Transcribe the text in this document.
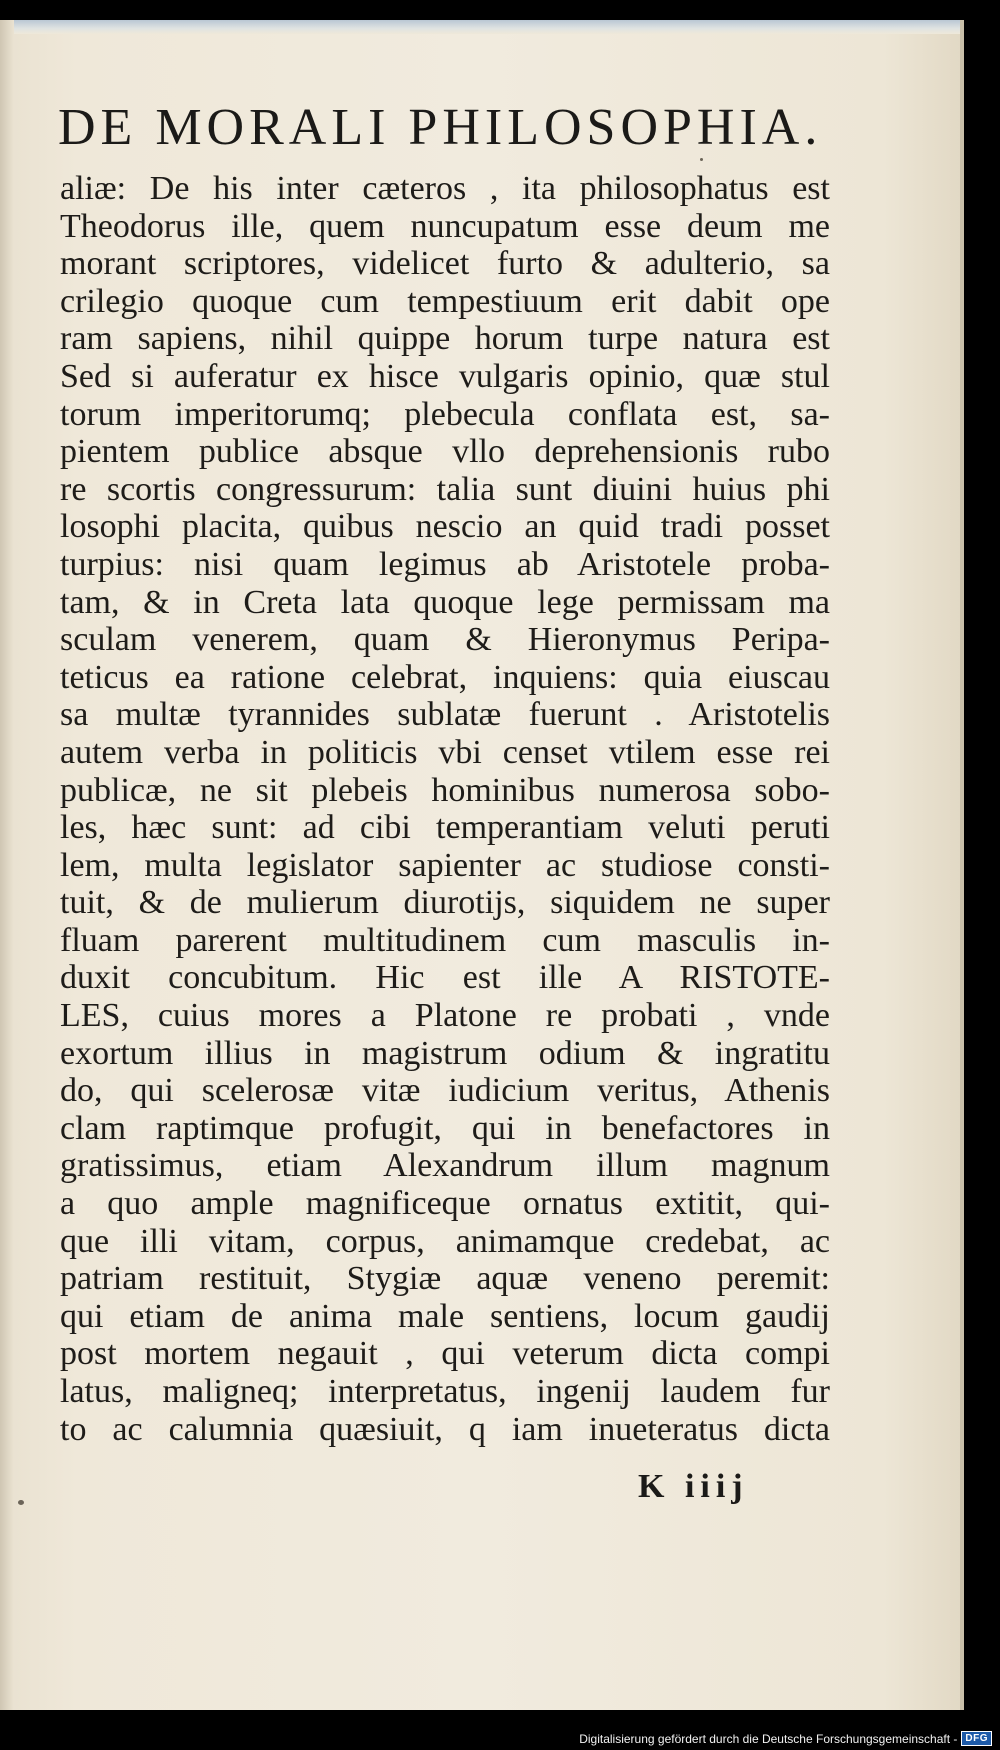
DE MORALI PHILOSOPHIA.
aliæ: De his inter cæteros , ita philosophatus est
Theodorus ille, quem nuncupatum esse deum me
morant scriptores, videlicet furto & adulterio, sa
crilegio quoque cum tempestiuum erit dabit ope
ram sapiens, nihil quippe horum turpe natura est
Sed si auferatur ex hisce vulgaris opinio, quæ stul
torum imperitorumq; plebecula conflata est, sa-
pientem publice absque vllo deprehensionis rubo
re scortis congressurum: talia sunt diuini huius phi
losophi placita, quibus nescio an quid tradi posset
turpius: nisi quam legimus ab Aristotele proba-
tam, & in Creta lata quoque lege permissam ma
sculam venerem, quam & Hieronymus Peripa-
teticus ea ratione celebrat, inquiens: quia eiuscau
sa multæ tyrannides sublatæ fuerunt . Aristotelis
autem verba in politicis vbi censet vtilem esse rei
publicæ, ne sit plebeis hominibus numerosa sobo-
les, hæc sunt: ad cibi temperantiam veluti peruti
lem, multa legislator sapienter ac studiose consti-
tuit, & de mulierum diurotijs, siquidem ne super
fluam parerent multitudinem cum masculis in-
duxit concubitum. Hic est ille A RISTOTE-
LES, cuius mores a Platone re probati , vnde
exortum illius in magistrum odium & ingratitu
do, qui scelerosæ vitæ iudicium veritus, Athenis
clam raptimque profugit, qui in benefactores in
gratissimus, etiam Alexandrum illum magnum
a quo ample magnificeque ornatus extitit, qui-
que illi vitam, corpus, animamque credebat, ac
patriam restituit, Stygiæ aquæ veneno peremit:
qui etiam de anima male sentiens, locum gaudij
post mortem negauit , qui veterum dicta compi
latus, maligneq; interpretatus, ingenij laudem fur
to ac calumnia quæsiuit, q iam inueteratus dicta
K iiij
Digitalisierung gefördert durch die Deutsche Forschungsgemeinschaft - DFG
